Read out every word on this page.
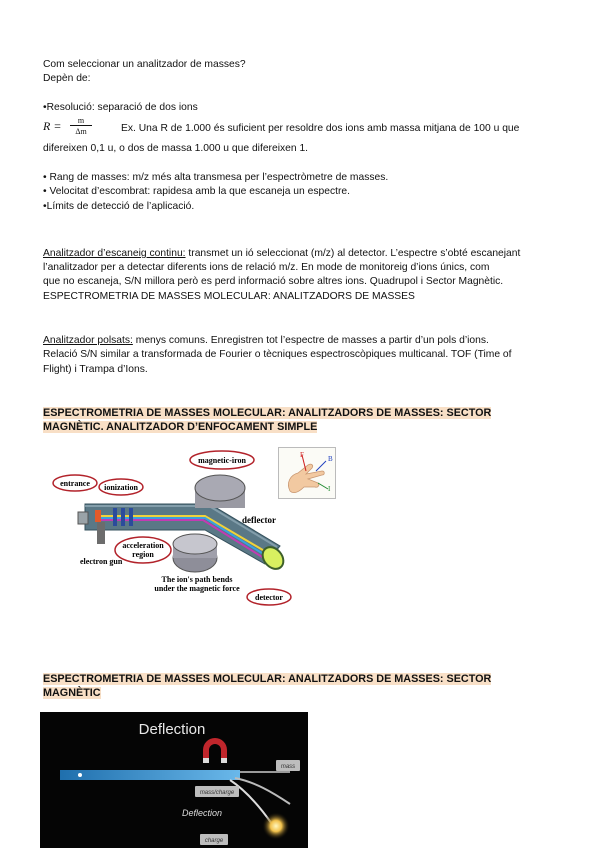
Com seleccionar un analitzador de masses?
Depèn de:
•Resolució: separació de dos ions
R =	m
Δm	Ex. Una R de 1.000 és suficient per resoldre dos ions amb massa mitjana de 100 u que
difereixen 0,1 u, o dos de massa 1.000 u que difereixen 1.
• Rang de masses: m/z més alta transmesa per l’espectròmetre de masses.
• Velocitat d’escombrat: rapidesa amb la que escaneja un espectre.
•Límits de detecció de l’aplicació.
Analitzador d’escaneig continu: transmet un ió seleccionat (m/z) al detector. L’espectre s’obté escanejant
l’analitzador per a detectar diferents ions de relació m/z. En mode de monitoreig d’ions únics, com
que no escaneja, S/N millora però es perd informació sobre altres ions. Quadrupol i Sector Magnètic.
ESPECTROMETRIA DE MASSES MOLECULAR: ANALITZADORS DE MASSES
Analitzador polsats: menys comuns. Enregistren tot l’espectre de masses a partir d’un pols d’ions.
Relació S/N similar a transformada de Fourier o tècniques espectroscòpiques multicanal. TOF (Time of
Flight) i Trampa d’Ions.
ESPECTROMETRIA DE MASSES MOLECULAR: ANALITZADORS DE MASSES: SECTOR
MAGNÈTIC. ANALITZADOR D’ENFOCAMENT SIMPLE
entrance ionization
magnetic-iron
deflector
acceleration
region
electron gun
The ion's path bends
under the magnetic force
detector
F	B
I
ESPECTROMETRIA DE MASSES MOLECULAR: ANALITZADORS DE MASSES: SECTOR
MAGNÈTIC
Deflection
mass
mass/charge
Deflection
charge
